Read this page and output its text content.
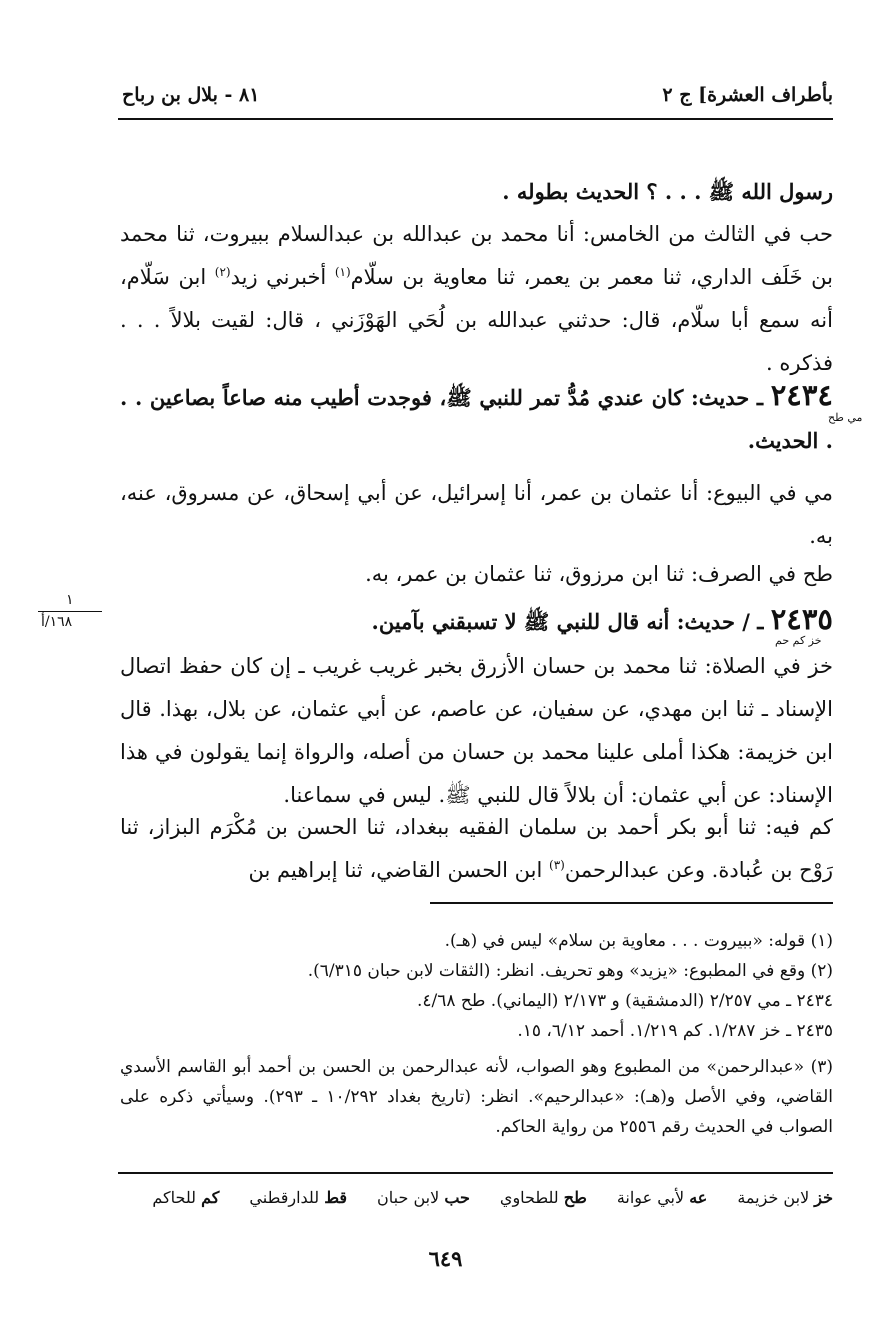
بأطراف العشرة] ج ٢
٨١ - بلال بن رباح
رسول الله ﷺ . . . ؟ الحديث بطوله .
حب في الثالث من الخامس: أنا محمد بن عبدالله بن عبدالسلام ببيروت، ثنا محمد بن خَلَف الداري، ثنا معمر بن يعمر، ثنا معاوية بن سلّام$^{(١)}$ أخبرني زيد$^{(٢)}$ ابن سَلّام، أنه سمع أبا سلّام، قال: حدثني عبدالله بن لُحَي الهَوْزَني ، قال: لقيت بلالاً . . . فذكره .
٢٤٣٤ ـ حديث: كان عندي مُدُّ تمر للنبي ﷺ، فوجدت أطيب منه صاعاً بصاعين . . . الحديث.
مي طح
مي في البيوع: أنا عثمان بن عمر، أنا إسرائيل، عن أبي إسحاق، عن مسروق، عنه، به.
طح في الصرف: ثنا ابن مرزوق، ثنا عثمان بن عمر، به.
١
١٦٨/أ	٢٤٣٥ ـ / حديث: أنه قال للنبي ﷺ لا تسبقني بآمين.
خز كم حم
خز في الصلاة: ثنا محمد بن حسان الأزرق بخبر غريب غريب ـ إن كان حفظ اتصال الإسناد ـ ثنا ابن مهدي، عن سفيان، عن عاصم، عن أبي عثمان، عن بلال، بهذا. قال ابن خزيمة: هكذا أملى علينا محمد بن حسان من أصله، والرواة إنما يقولون في هذا الإسناد: عن أبي عثمان: أن بلالاً قال للنبي ﷺ. ليس في سماعنا.
كم فيه: ثنا أبو بكر أحمد بن سلمان الفقيه ببغداد، ثنا الحسن بن مُكْرَم البزاز، ثنا رَوْح بن عُبادة. وعن عبدالرحمن$^{(٣)}$ ابن الحسن القاضي، ثنا إبراهيم بن
(١) قوله: «ببيروت . . . معاوية بن سلام» ليس في (هـ).
(٢) وقع في المطبوع: «يزيد» وهو تحريف. انظر: (الثقات لابن حبان ٦/٣١٥).
٢٤٣٤ ـ مي ٢/٢٥٧ (الدمشقية) و ٢/١٧٣ (اليماني). طح ٤/٦٨.
٢٤٣٥ ـ خز ١/٢٨٧. كم ١/٢١٩. أحمد ٦/١٢، ١٥.
(٣) «عبدالرحمن» من المطبوع وهو الصواب، لأنه عبدالرحمن بن الحسن بن أحمد أبو القاسم الأسدي القاضي، وفي الأصل و(هـ): «عبدالرحيم». انظر: (تاريخ بغداد ١٠/٢٩٢ ـ ٢٩٣). وسيأتي ذكره على الصواب في الحديث رقم ٢٥٥٦ من رواية الحاكم.
خز لابن خزيمة
عه لأبي عوانة
طح للطحاوي
حب لابن حبان
قط للدارقطني
كم للحاكم
٦٤٩
